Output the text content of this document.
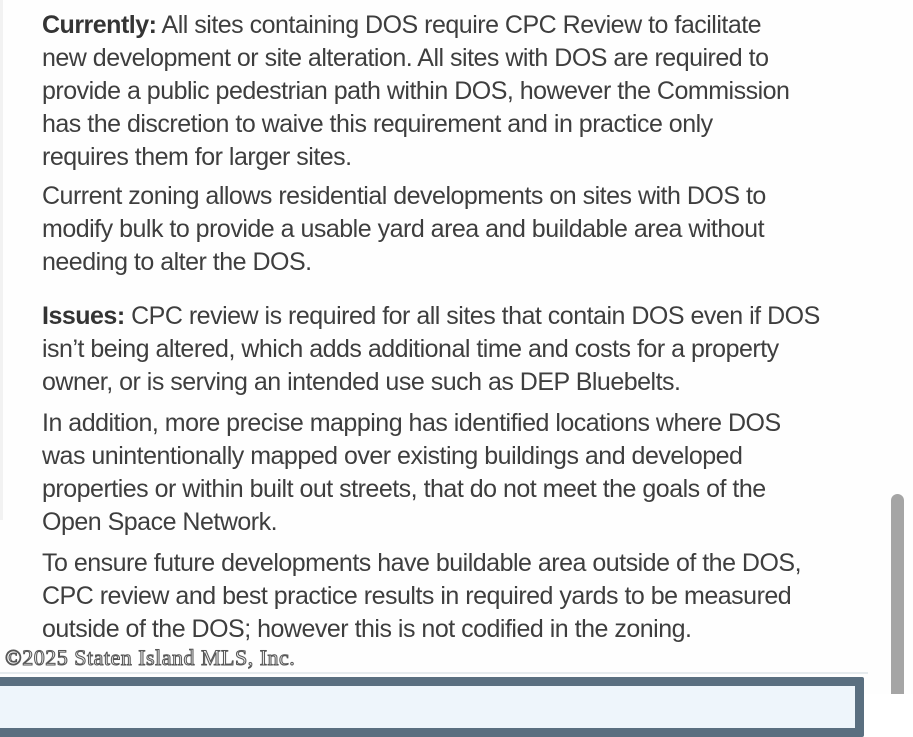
Currently: All sites containing DOS require CPC Review to facilitate
new development or site alteration. All sites with DOS are required to
provide a public pedestrian path within DOS, however the Commission
has the discretion to waive this requirement and in practice only
requires them for larger sites.
Current zoning allows residential developments on sites with DOS to
modify bulk to provide a usable yard area and buildable area without
needing to alter the DOS.
Issues: CPC review is required for all sites that contain DOS even if DOS
isn’t being altered, which adds additional time and costs for a property
owner, or is serving an intended use such as DEP Bluebelts.
In addition, more precise mapping has identified locations where DOS
was unintentionally mapped over existing buildings and developed
properties or within built out streets, that do not meet the goals of the
Open Space Network.
To ensure future developments have buildable area outside of the DOS,
CPC review and best practice results in required yards to be measured
outside of the DOS; however this is not codified in the zoning.
©2025 Staten Island MLS, Inc.
